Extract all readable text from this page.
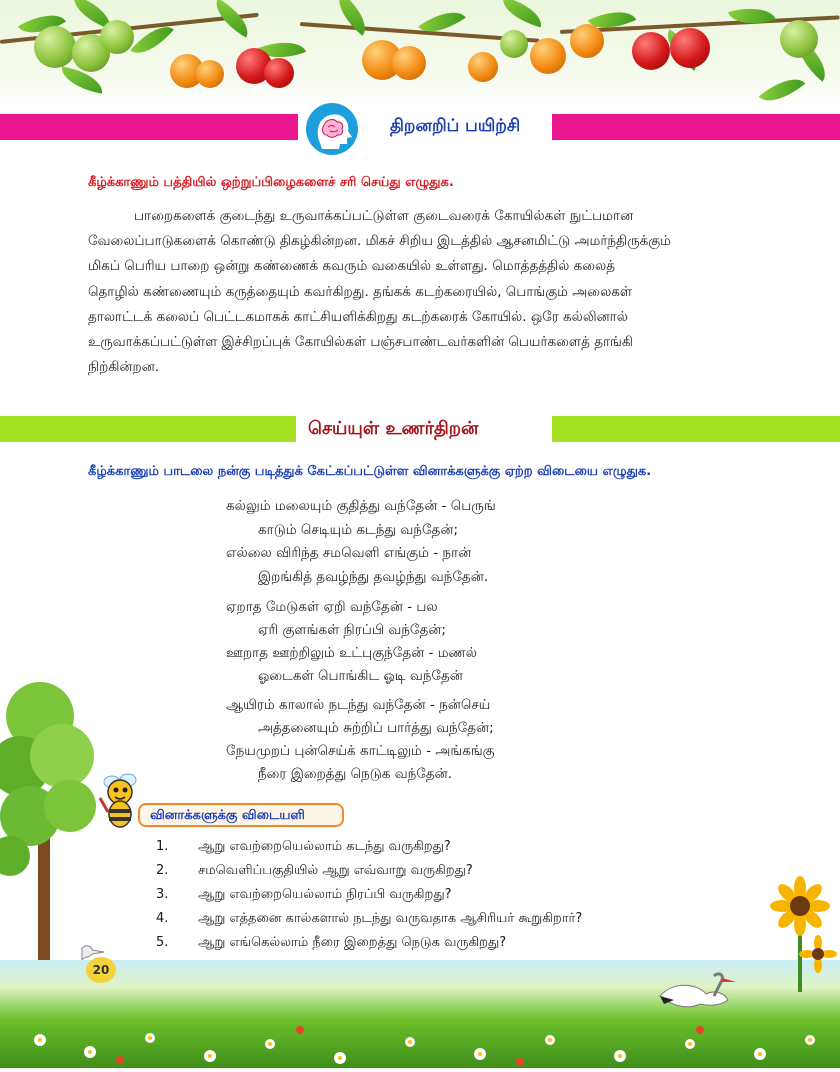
திறனறிப் பயிற்சி
கீழ்க்காணும் பத்தியில் ஒற்றுப்பிழைகளைச் சரி செய்து எழுதுக.
பாறைகளைக் குடைந்து உருவாக்கப்பட்டுள்ள குடைவரைக் கோயில்கள் நுட்பமான
வேலைப்பாடுகளைக் கொண்டு திகழ்கின்றன. மிகச் சிறிய இடத்தில் ஆசனமிட்டு அமர்ந்திருக்கும்
மிகப் பெரிய பாறை ஒன்று கண்ணைக் கவரும் வகையில் உள்ளது. மொத்தத்தில் கலைத்
தொழில் கண்ணையும் கருத்தையும் கவர்கிறது. தங்கக் கடற்கரையில், பொங்கும் அலைகள்
தாலாட்டக் கலைப் பெட்டகமாகக் காட்சியளிக்கிறது கடற்கரைக் கோயில். ஒரே கல்லினால்
உருவாக்கப்பட்டுள்ள இச்சிறப்புக் கோயில்கள் பஞ்சபாண்டவர்களின் பெயர்களைத் தாங்கி
நிற்கின்றன.
செய்யுள் உணர்திறன்
கீழ்க்காணும் பாடலை நன்கு படித்துக் கேட்கப்பட்டுள்ள வினாக்களுக்கு ஏற்ற விடையை எழுதுக.
கல்லும் மலையும் குதித்து வந்தேன் - பெருங்
காடும் செடியும் கடந்து வந்தேன்;
எல்லை விரிந்த சமவெளி எங்கும் - நான்
இறங்கித் தவழ்ந்து தவழ்ந்து வந்தேன்.
ஏறாத மேடுகள் ஏறி வந்தேன் - பல
ஏரி குளங்கள் நிரப்பி வந்தேன்;
ஊறாத ஊற்றிலும் உட்புகுந்தேன் - மணல்
ஓடைகள் பொங்கிட ஓடி வந்தேன்
ஆயிரம் காலால் நடந்து வந்தேன் - நன்செய்
அத்தனையும் சுற்றிப் பார்த்து வந்தேன்;
நேயமுறப் புன்செய்க் காட்டிலும் - அங்கங்கு
நீரை இறைத்து நெடுக வந்தேன்.
வினாக்களுக்கு விடையளி
1. ஆறு எவற்றையெல்லாம் கடந்து வருகிறது?
2. சமவெளிப்பகுதியில் ஆறு எவ்வாறு வருகிறது?
3. ஆறு எவற்றையெல்லாம் நிரப்பி வருகிறது?
4. ஆறு எத்தனை கால்களால் நடந்து வருவதாக ஆசிரியர் கூறுகிறார்?
5. ஆறு எங்கெல்லாம் நீரை இறைத்து நெடுக வருகிறது?
20
